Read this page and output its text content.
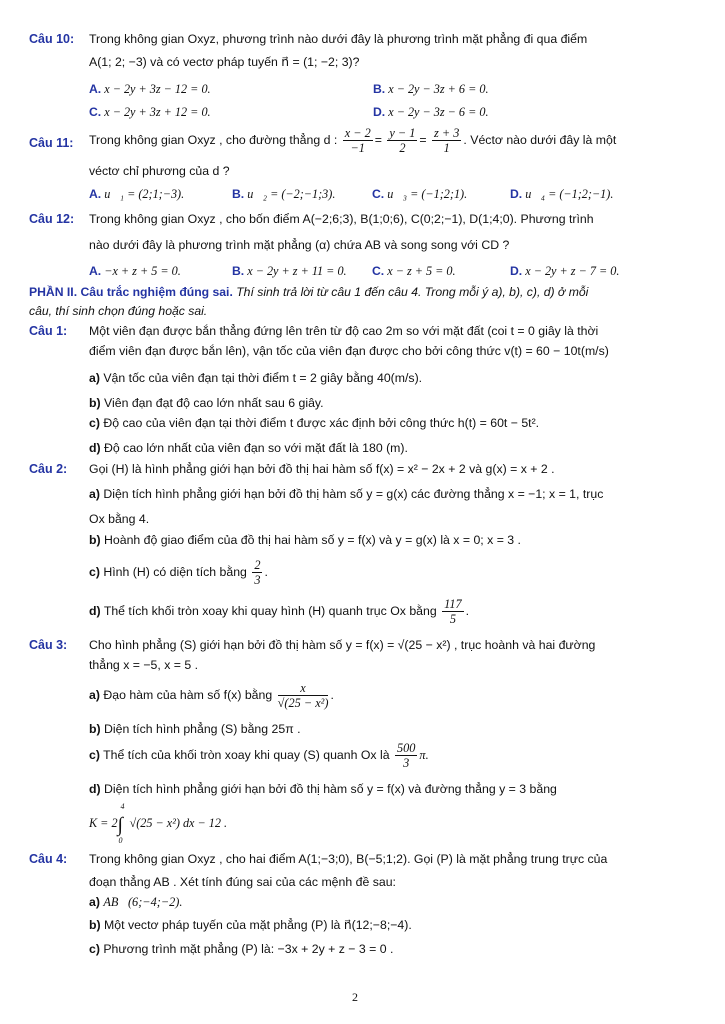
Câu 10: Trong không gian Oxyz, phương trình nào dưới đây là phương trình mặt phẳng đi qua điểm
A(1; 2; −3) và có vectơ pháp tuyến n⃗ = (1; −2; 3)?
A. x − 2y + 3z − 12 = 0.	B. x − 2y − 3z + 6 = 0.
C. x − 2y + 3z + 12 = 0.	D. x − 2y − 3z − 6 = 0.
Câu 11: Trong không gian Oxyz , cho đường thẳng d : $\frac{x - 2}{-1} = \frac{y - 1}{2} = \frac{z + 3}{1}$ . Véctơ nào dưới đây là một
véctơ chỉ phương của d ?
A. u⃗₁ = (2;1;−3).	B. u⃗₂ = (−2;−1;3).	C. u⃗₃ = (−1;2;1).	D. u⃗₄ = (−1;2;−1).
Câu 12: Trong không gian Oxyz , cho bốn điểm A(−2;6;3), B(1;0;6), C(0;2;−1), D(1;4;0). Phương trình
nào dưới đây là phương trình mặt phẳng (α) chứa AB và song song với CD ?
A. −x + z + 5 = 0.	B. x − 2y + z + 11 = 0. C. x − z + 5 = 0.	D. x − 2y + z − 7 = 0.
PHẦN II. Câu trắc nghiệm đúng sai. Thí sinh trả lời từ câu 1 đến câu 4. Trong mỗi ý a), b), c), d) ở mỗi
câu, thí sinh chọn đúng hoặc sai.
Câu 1: Một viên đạn được bắn thẳng đứng lên trên từ độ cao 2m so với mặt đất (coi t = 0 giây là thời
điểm viên đạn được bắn lên), vận tốc của viên đạn được cho bởi công thức v(t) = 60 − 10t(m/s)
a) Vận tốc của viên đạn tại thời điểm t = 2 giây bằng 40(m/s).
b) Viên đạn đạt độ cao lớn nhất sau 6 giây.
c) Độ cao của viên đạn tại thời điểm t được xác định bởi công thức h(t) = 60t − 5t².
d) Độ cao lớn nhất của viên đạn so với mặt đất là 180 (m).
Câu 2: Gọi (H) là hình phẳng giới hạn bởi đồ thị hai hàm số f(x) = x² − 2x + 2 và g(x) = x + 2 .
a) Diện tích hình phẳng giới hạn bởi đồ thị hàm số y = g(x) các đường thẳng x = −1; x = 1, trục
Ox bằng 4.
b) Hoành độ giao điểm của đồ thị hai hàm số y = f(x) và y = g(x) là x = 0; x = 3 .
c) Hình (H) có diện tích bằng $\frac{2}{3}$ .
d) Thể tích khối tròn xoay khi quay hình (H) quanh trục Ox bằng $\frac{117}{5}$ .
Câu 3: Cho hình phẳng (S) giới hạn bởi đồ thị hàm số y = f(x) = √(25 − x²) , trục hoành và hai đường
thẳng x = −5, x = 5 .
a) Đạo hàm của hàm số f(x) bằng $\frac{x}{\text{√(25 − x²)}}$ .
b) Diện tích hình phẳng (S) bằng 25π .
c) Thể tích của khối tròn xoay khi quay (S) quanh Ox là $\frac{500}{3} \pi$.
d) Diện tích hình phẳng giới hạn bởi đồ thị hàm số y = f(x) và đường thẳng y = 3 bằng
K = 2∫
4
0
√(25 − x²) dx − 12 .
Câu 4: Trong không gian Oxyz , cho hai điểm A(1;−3;0), B(−5;1;2). Gọi (P) là mặt phẳng trung trực của
đoạn thẳng AB . Xét tính đúng sai của các mệnh đề sau:
a) AB⃗(6;−4;−2).
b) Một vectơ pháp tuyến của mặt phẳng (P) là n⃗(12;−8;−4).
c) Phương trình mặt phẳng (P) là: −3x + 2y + z − 3 = 0 .
2
